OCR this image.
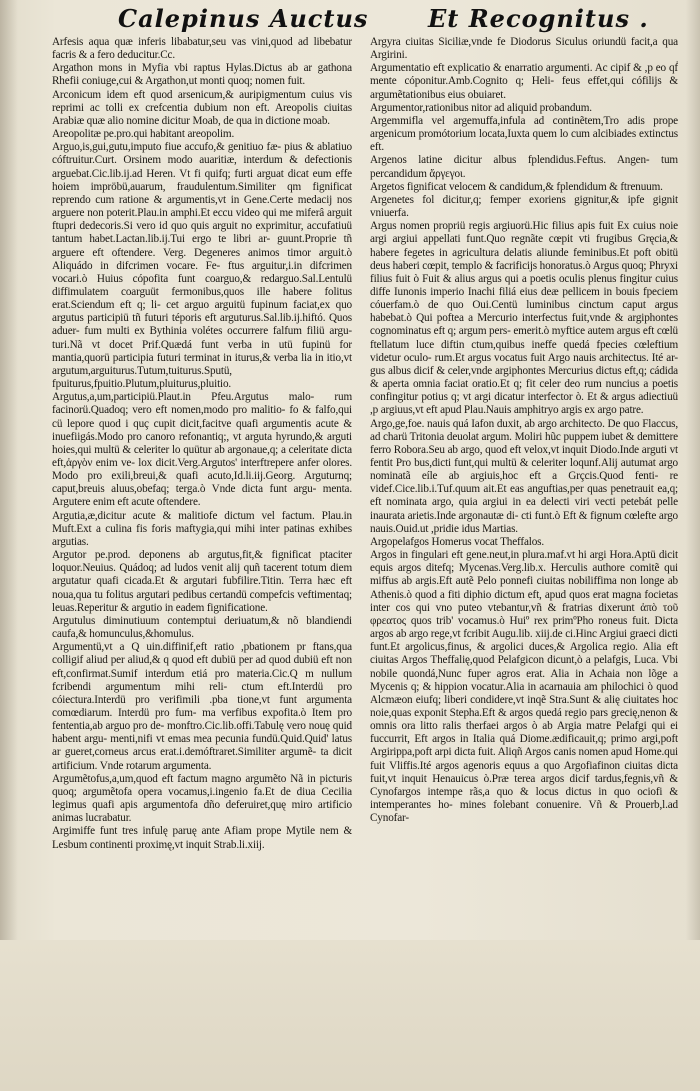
Calepinus Auctus Et Recognitus .

Arfesis aqua quæ inferis libabatur,seu vas vini,quod ad libebatur facris & a fero deducitur.Cc.

Argathon mons in Myfia vbi raptus Hylas.Dictus ab ar gathona Rhefii coniuge,cui & Argathon,ut monti quoq; nomen fuit.

Arconicum idem eft quod arsenicum,& auripigmentum cuius vis reprimi ac tolli ex crefcentia dubium non eft. Areopolis ciuitas Arabiæ quæ alio nomine dicitur Moab, de qua in dictione moab.

Areopolitæ pe.pro.qui habitant areopolim.

Arguo,is,gui,gutu,imputo fiue accufo,& genitiuo fæ- pius & ablatiuo cóftruitur.Curt. Orsinem modo auaritiæ, interdum & defectionis arguebat.Cic.lib.ij.ad Heren. Vt fi quifq; furti arguat dicat eum effe hoiem impröbü,auarum, fraudulentum.Similiter qm fignificat reprendo cum ratione & argumentis,vt in Gene.Certe medacij nos arguere non poterit.Plau.in amphi.Et eccu video qui me miferâ arguit ftupri dedecoris.Si vero id quo quis arguit no exprimitur, accufatiuü tantum habet.Lactan.lib.ij.Tui ergo te libri ar- guunt.Proprie tñ arguere eft oftendere. Verg. Degeneres animos timor arguit.ò Aliquádo in difcrimen vocare. Fe- ftus arguitur,i.in difcrimen vocari.ò Huius cópofita funt coarguo,& redarguo.Sal.Lentulü diffimulatem coarguüt fermonibus,quos ille habere folitus erat.Sciendum eft q; li- cet arguo arguitü fupinum faciat,ex quo argutus participiü tñ futuri téporis eft arguturus.Sal.lib.ij.hiftó. Quos aduer- fum multi ex Bythinia volétes occurrere falfum filiü argu- turi.Nã vt docet Prif.Quædá funt verba in utü fupinü for mantia,quorü participia futuri terminat in iturus,& verba lia in itio,vt argutum,arguiturus.Tutum,tuiturus.Sputü, fpuiturus,fpuitio.Plutum,pluiturus,pluitio.

Argutus,a,um,participiü.Plaut.in Pfeu.Argutus malo- rum facinorü.Quadoq; vero eft nomen,modo pro malitio- fo & falfo,qui cü lepore quod i quç cupit dicit,facitve quafi argumentis acute & inuefiigás.Modo pro canoro refonantiq;, vt arguta hyrundo,& arguti hoies,qui multü & celeriter lo quütur ab argonaue,q; a celeritate dicta eft,ἀργὸν enim ve- lox dicit.Verg.Argutos' interftrepere anfer olores. Modo pro exili,breui,& quafi acuto,Id.li.iij.Georg. Arguturnq; caput,breuis aluus,obefaq; terga.ò Vnde dicta funt argu- menta. Argutere enim eft acute oftendere.

Argutia,æ,dicitur acute & malitiofe dictum vel factum. Plau.in Muft.Ext a culina fis foris maftygia,qui mihi inter patinas exhibes argutias.

Argutor pe.prod. deponens ab argutus,fit,& fignificat ptaciter loquor.Neuius. Quádoq; ad ludos venit alij quñ tacerent totum diem argutatur quafi cicada.Et & argutari fubfilire.Titin. Terra hæc eft noua,qua tu folitus argutari pedibus certandü compefcis veftimentaq; leuas.Reperitur & argutio in eadem fignificatione.

Argutulus diminutiuum contemptui deriuatum,& nõ blandiendi caufa,& homunculus,&homulus.

Argumentü,vt a Q uin.diffinif,eft ratio ,pbationem pr ftans,qua colligif aliud per aliud,& q quod eft dubiü per ad quod dubiü eft non eft,confirmat.Sumif interdum etiá pro materia.Cic.Q m nullum fcribendi argumentum mihi reli- ctum eft.Interdü pro cóiectura.Interdü pro verifimili .pba tione,vt funt argumenta comœdiarum. Interdü pro fum- ma verfibus expofita.ò Item pro fententia,ab arguo pro de- monftro.Cic.lib.offi.Tabulę vero nouę quid habent argu- menti,nifi vt emas mea pecunia fundü.Quid.Quid' latus ar gueret,corneus arcus erat.i.demóftraret.Similiter argumẽ- ta dicit artificium. Vnde rotarum argumenta.

Argumẽtofus,a,um,quod eft factum magno argumẽto Nã in picturis quoq; argumẽtofa opera vocamus,i.ingenio fa.Et de diua Cecilia legimus quafi apis argumentofa dño deferuiret,quę miro artificio animas lucrabatur.

Argimiffe funt tres infulę paruę ante Afiam prope Mytile nem & Lesbum continenti proximę,vt inquit Strab.li.xiij.

Argyra ciuitas Siciliæ,vnde fe Diodorus Siculus oriundü facit,a qua Argirini.

Argumentatio eft explicatio & enarratio argumenti. Ac cipif & ,p eo qḟ mente cóponitur.Amb.Cognito q; Heli- feus effet,qui cófilijs & argumẽtationibus eius obuiaret.

Argumentor,rationibus nitor ad aliquid probandum.

Argemmifla vel argemuffa,infula ad continẽtem,Tro adis prope argenicum promótorium locata,Iuxta quem lo cum alcibiades extinctus eft.

Argenos latine dicitur albus fplendidus.Feftus. Angen- tum percandidum ἄργεγοι.

Argetos fignificat velocem & candidum,& fplendidum & ftrenuum.

Argenetes fol dicitur,q; femper exoriens gignitur,& ipfe gignit vniuerfa.

Argus nomen propriü regis argiuorü.Hic filius apis fuit Ex cuius noie argi argiui appellati funt.Quo regnãte cœpit vti frugibus Gręcia,& habere fegetes in agricultura delatis aliunde feminibus.Et poft obitü deus haberi cœpit, templo & facrificijs honoratus.ò Argus quoq; Phryxi filius fuit ò Fuit & alius argus qui a poetis oculis plenus fingitur cuius diffe Iunonis imperio Inachi filiá eius deæ pellicem in bouis fpeciem cóuerfam.ò de quo Oui.Centü luminibus cinctum caput argus habebat.ò Qui poftea a Mercurio interfectus fuit,vnde & argiphontes cognominatus eft q; argum pers- emerit.ò myftice autem argus eft cœlü ftellatum luce diftin ctum,quibus ineffe quedá fpecies cœleftium videtur oculo- rum.Et argus vocatus fuit Argo nauis architectus. Ité ar- gus albus dicif & celer,vnde argiphontes Mercurius dictus eft,q; cádida & aperta omnia faciat oratio.Et q; fit celer deo rum nuncius a poetis confingitur potius q; vt argi dicatur interfector ò. Et & argus adiectiuü ,p argiuus,vt eft apud Plau.Nauis amphitryo argis ex argo patre.

Argo,ge,foe. nauis quá Iafon duxit, ab argo architecto. De quo Flaccus, ad charü Tritonia deuolat argum. Moliri hũc puppem iubet & demittere ferro Robora.Seu ab argo, quod eft velox,vt inquit Diodo.Inde arguti vt fentit Pro bus,dicti funt,qui multü & celeriter loqunf.Alij autumat argo nominatã eíle ab argiuis,hoc eft a Grçcis.Quod fenti- re videf.Cice.lib.i.Tuf.quum ait.Et eas anguftias,per quas penetrauit ea,q; eft nominata argo, quia argiui in ea delecti viri vecti petebát pelle inaurata arietis.Inde argonautæ di- cti funt.ò Eft & fignum cœlefte argo nauis.Ouid.ut ,pridie idus Martias.

Argopelafgos Homerus vocat Theffalos.

Argos in fingulari eft gene.neut,in plura.maf.vt hi argi Hora.Aptü dicit equis argos ditefq; Mycenas.Verg.lib.x. Herculis authore comitẽ qui miffus ab argis.Eft autẽ Pelo ponnefi ciuitas nobiliffima non longe ab Athenis.ò quod a fiti diphio dictum eft, apud quos erat magna focietas inter cos qui vno puteo vtebantur,vñ & fratrias dixerunt ἀπὸ τοῦ φρεατος quos trib' vocamus.ò Huiº rex primºPho roneus fuit. Dicta argos ab argo rege,vt fcribit Augu.lib. xiij.de ci.Hinc Argiui graeci dicti funt.Et argolicus,finus, & argolici duces,& Argolica regio. Alia eft ciuitas Argos Theffalię,quod Pelafgicon dicunt,ò a pelafgis, Luca. Vbi nobile quondá,Nunc fuper agros erat. Alia in Achaia non lõge a Mycenis q; & hippion vocatur.Alia in acarnauia am philochici ò quod Alcmæon eiufq; liberi condidere,vt inqẽ Stra.Sunt & alię ciuitates hoc noie,quas exponit Stepha.Eft & argos quedá regio pars grecię,nenon & omnis ora litto ralis therfaei argos ò ab Argia matre Pelafgi qui ei fuccurrit, Eft argos in Italia quá Diome.ædificauit,q; primo argi,poft Argirippa,poft arpi dicta fuit. Aliqñ Argos canis nomen apud Home.qui fuit Vliffis.Ité argos agenoris equus a quo Argofiafinon ciuitas dicta fuit,vt inquit Henauicus ò.Præ terea argos dicif tardus,fegnis,vñ & Cynofargos intempe rãs,a quo & locus dictus in quo ociofi & intemperantes ho- mines folebant conuenire. Vñ & Prouerb,l.ad Cynofar-
